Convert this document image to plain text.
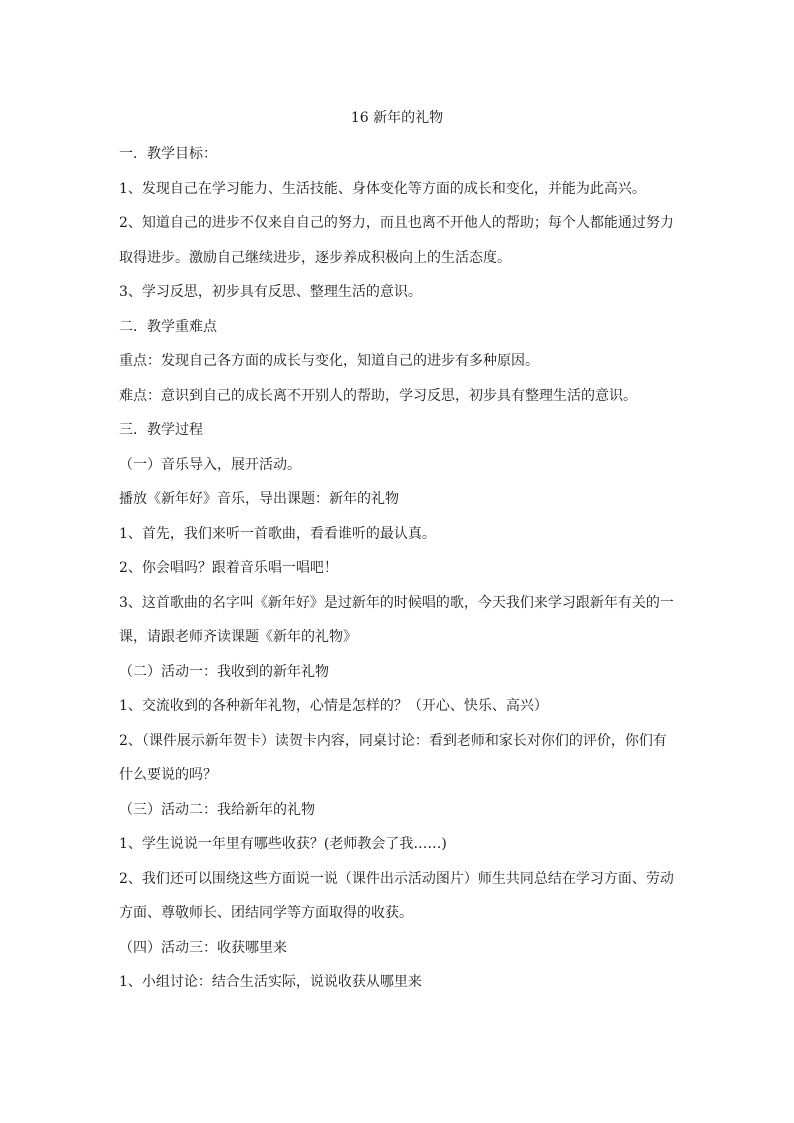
16 新年的礼物
一．教学目标：
1、发现自己在学习能力、生活技能、身体变化等方面的成长和变化，并能为此高兴。
2、知道自己的进步不仅来自自己的努力，而且也离不开他人的帮助；每个人都能通过努力
取得进步。激励自己继续进步，逐步养成积极向上的生活态度。
3、学习反思，初步具有反思、整理生活的意识。
二．教学重难点
重点：发现自己各方面的成长与变化，知道自己的进步有多种原因。
难点：意识到自己的成长离不开别人的帮助，学习反思，初步具有整理生活的意识。
三．教学过程
（一）音乐导入，展开活动。
播放《新年好》音乐，导出课题：新年的礼物
1、首先，我们来听一首歌曲，看看谁听的最认真。
2、你会唱吗？跟着音乐唱一唱吧！
3、这首歌曲的名字叫《新年好》是过新年的时候唱的歌，今天我们来学习跟新年有关的一
课，请跟老师齐读课题《新年的礼物》
（二）活动一：我收到的新年礼物
1、交流收到的各种新年礼物，心情是怎样的？（开心、快乐、高兴）
2、（课件展示新年贺卡）读贺卡内容，同桌讨论：看到老师和家长对你们的评价，你们有
什么要说的吗？
（三）活动二：我给新年的礼物
1、学生说说一年里有哪些收获？(老师教会了我……)
2、我们还可以围绕这些方面说一说（课件出示活动图片）师生共同总结在学习方面、劳动
方面、尊敬师长、团结同学等方面取得的收获。
（四）活动三：收获哪里来
1、小组讨论：结合生活实际，说说收获从哪里来
